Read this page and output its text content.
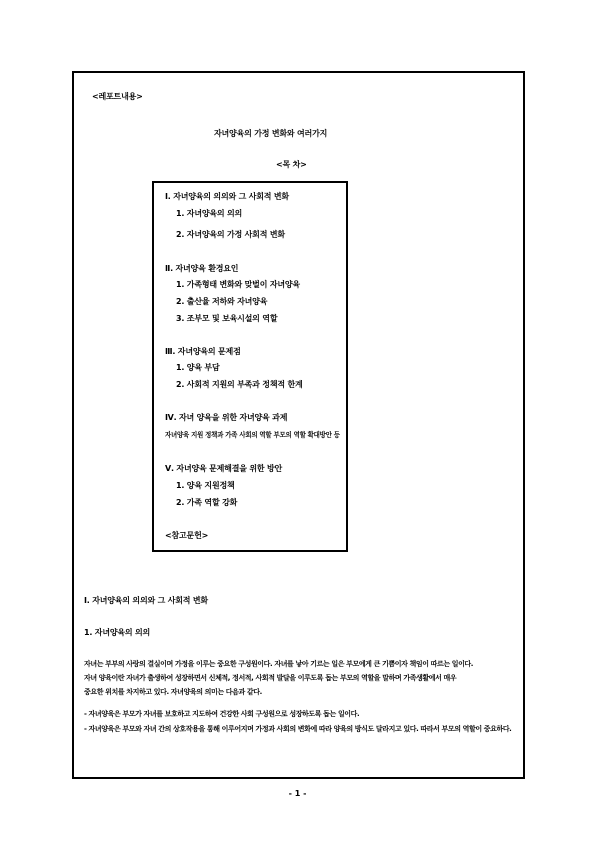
<레포트내용>
자녀양육의 가정 변화와 여러가지
<목 차>
Ⅰ. 자녀양육의 의의와 그 사회적 변화
1. 자녀양육의 의의
2. 자녀양육의 가정 사회적 변화
Ⅱ. 자녀양육 환경요인
1. 가족형태 변화와 맞벌이 자녀양육
2. 출산율 저하와 자녀양육
3. 조부모 및 보육시설의 역할
Ⅲ. 자녀양육의 문제점
1. 양육 부담
2. 사회적 지원의 부족과 정책적 한계
Ⅳ. 자녀 양육을 위한 자녀양육 과제
자녀양육 지원 정책과 가족 사회의 역할 부모의 역할 확대방안 등
Ⅴ. 자녀양육 문제해결을 위한 방안
1. 양육 지원정책
2. 가족 역할 강화
<참고문헌>
Ⅰ. 자녀양육의 의의와 그 사회적 변화
1. 자녀양육의 의의
자녀는 부부의 사랑의 결실이며 가정을 이루는 중요한 구성원이다. 자녀를 낳아 기르는 일은 부모에게 큰 기쁨이자 책임이 따르는 일이다.
자녀 양육이란 자녀가 출생하여 성장하면서 신체적, 정서적, 사회적 발달을 이루도록 돕는 부모의 역할을 말하며 가족생활에서 매우
중요한 위치를 차지하고 있다. 자녀양육의 의미는 다음과 같다.
- 자녀양육은 부모가 자녀를 보호하고 지도하여 건강한 사회 구성원으로 성장하도록 돕는 일이다.
- 자녀양육은 부모와 자녀 간의 상호작용을 통해 이루어지며 가정과 사회의 변화에 따라 양육의 방식도 달라지고 있다. 따라서 부모의 역할이 중요하다.
- 1 -
